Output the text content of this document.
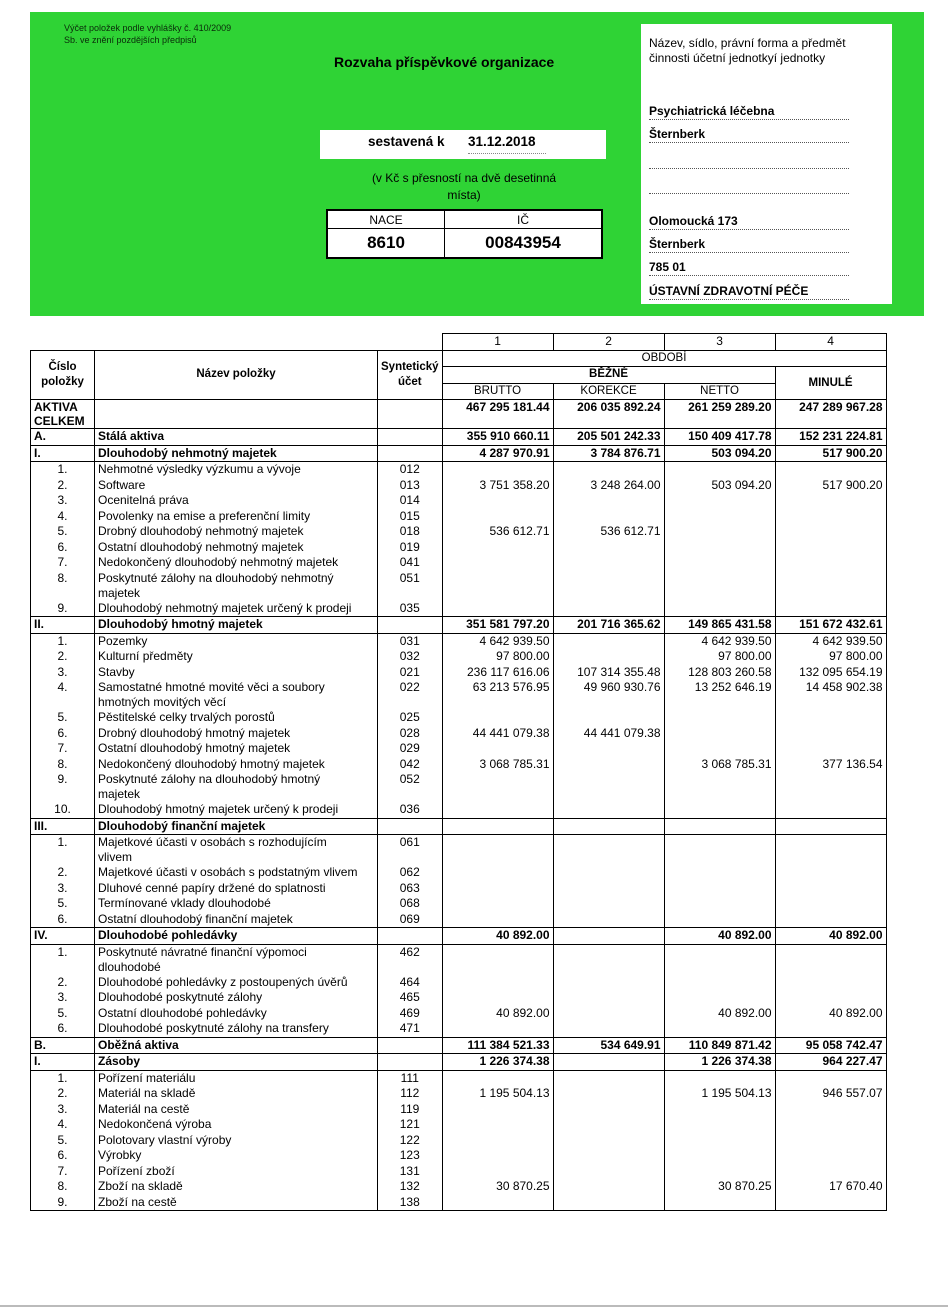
Výčet položek podle vyhlášky č. 410/2009
Sb. ve znění pozdějších předpisů
Rozvaha příspěvkové organizace
sestavená k 31.12.2018
(v Kč s přesností na dvě desetinná
místa)
NACE	IČ
8610	00843954
Název, sídlo, právní forma a předmět
činnosti účetní jednotkyí jednotky
Psychiatrická léčebna
Šternberk
Olomoucká 173
Šternberk
785 01
ÚSTAVNÍ ZDRAVOTNÍ PÉČE
			1	2	3	4
Číslo
položky	Název položky	Syntetický
účet	OBDOBÍ			
			BĚŽNÉ			MINULÉ
			BRUTTO	KOREKCE	NETTO	
AKTIVA CELKEM			467 295 181.44	206 035 892.24	261 259 289.20	247 289 967.28
A.	Stálá aktiva		355 910 660.11	205 501 242.33	150 409 417.78	152 231 224.81
I.	Dlouhodobý nehmotný majetek		4 287 970.91	3 784 876.71	503 094.20	517 900.20
1.	Nehmotné výsledky výzkumu a vývoje	012				
2.	Software	013	3 751 358.20	3 248 264.00	503 094.20	517 900.20
3.	Ocenitelná práva	014				
4.	Povolenky na emise a preferenční limity	015				
5.	Drobný dlouhodobý nehmotný majetek	018	536 612.71	536 612.71		
6.	Ostatní dlouhodobý nehmotný majetek	019				
7.	Nedokončený dlouhodobý nehmotný majetek	041				
8.	Poskytnuté zálohy na dlouhodobý nehmotný
majetek	051				
9.	Dlouhodobý nehmotný majetek určený k prodeji	035				
II.	Dlouhodobý hmotný majetek		351 581 797.20	201 716 365.62	149 865 431.58	151 672 432.61
1.	Pozemky	031	4 642 939.50		4 642 939.50	4 642 939.50
2.	Kulturní předměty	032	97 800.00		97 800.00	97 800.00
3.	Stavby	021	236 117 616.06	107 314 355.48	128 803 260.58	132 095 654.19
4.	Samostatné hmotné movité věci a soubory
hmotných movitých věcí	022	63 213 576.95	49 960 930.76	13 252 646.19	14 458 902.38
5.	Pěstitelské celky trvalých porostů	025				
6.	Drobný dlouhodobý hmotný majetek	028	44 441 079.38	44 441 079.38		
7.	Ostatní dlouhodobý hmotný majetek	029				
8.	Nedokončený dlouhodobý hmotný majetek	042	3 068 785.31		3 068 785.31	377 136.54
9.	Poskytnuté zálohy na dlouhodobý hmotný
majetek	052				
10.	Dlouhodobý hmotný majetek určený k prodeji	036				
III.	Dlouhodobý finanční majetek					
1.	Majetkové účasti v osobách s rozhodujícím
vlivem	061				
2.	Majetkové účasti v osobách s podstatným vlivem	062				
3.	Dluhové cenné papíry držené do splatnosti	063				
5.	Termínované vklady dlouhodobé	068				
6.	Ostatní dlouhodobý finanční majetek	069				
IV.	Dlouhodobé pohledávky		40 892.00		40 892.00	40 892.00
1.	Poskytnuté návratné finanční výpomoci
dlouhodobé	462				
2.	Dlouhodobé pohledávky z postoupených úvěrů	464				
3.	Dlouhodobé poskytnuté zálohy	465				
5.	Ostatní dlouhodobé pohledávky	469	40 892.00		40 892.00	40 892.00
6.	Dlouhodobé poskytnuté zálohy na transfery	471				
B.	Oběžná aktiva		111 384 521.33	534 649.91	110 849 871.42	95 058 742.47
I.	Zásoby		1 226 374.38		1 226 374.38	964 227.47
1.	Pořízení materiálu	111				
2.	Materiál na skladě	112	1 195 504.13		1 195 504.13	946 557.07
3.	Materiál na cestě	119				
4.	Nedokončená výroba	121				
5.	Polotovary vlastní výroby	122				
6.	Výrobky	123				
7.	Pořízení zboží	131				
8.	Zboží na skladě	132	30 870.25		30 870.25	17 670.40
9.	Zboží na cestě	138				
